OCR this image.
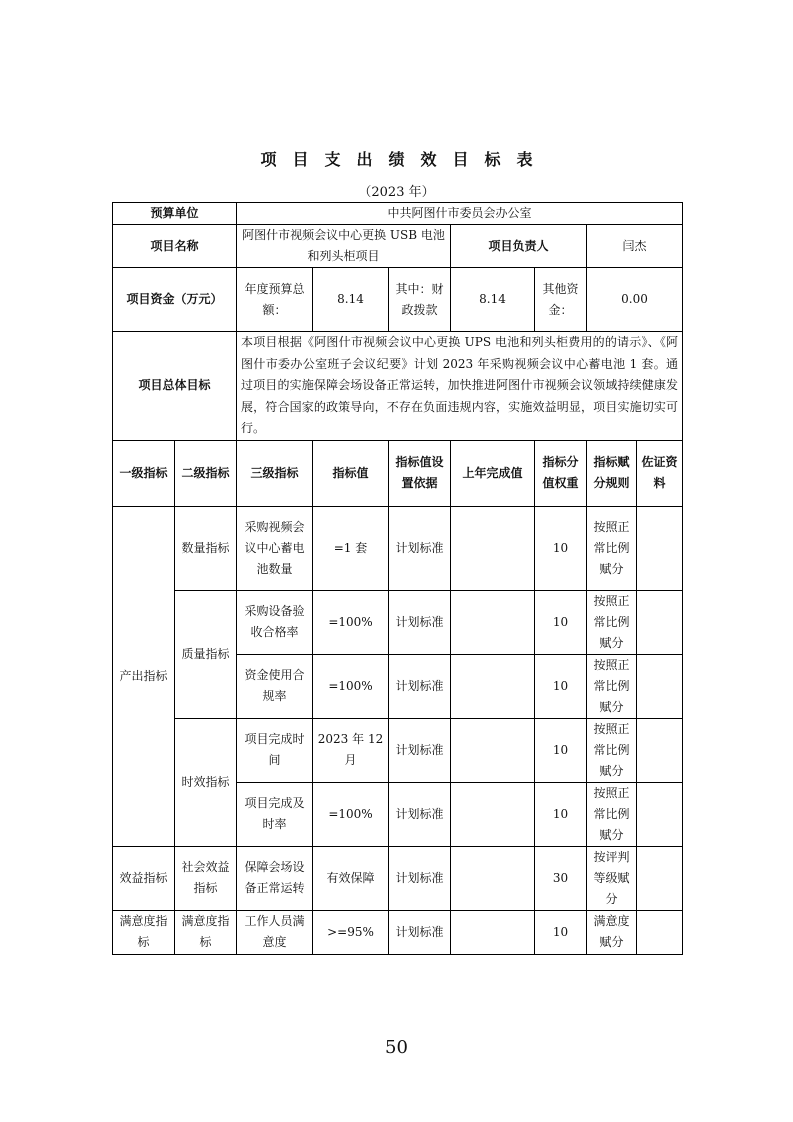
项目支出绩效目标表
（2023 年）
预算单位		中共阿图什市委员会办公室						
项目名称		阿图什市视频会议中心更换 USB 电池和列头柜项目			项目负责人		闫杰	
项目资金（万元）		年度预算总额：	8.14	其中：财政拨款	8.14	其他资金：	0.00	
项目总体目标		本项目根据《阿图什市视频会议中心更换 UPS 电池和列头柜费用的的请示》、《阿图什市委办公室班子会议纪要》计划 2023 年采购视频会议中心蓄电池 1 套。通过项目的实施保障会场设备正常运转，加快推进阿图什市视频会议领域持续健康发展，符合国家的政策导向，不存在负面违规内容，实施效益明显，项目实施切实可行。						
一级指标	二级指标	三级指标	指标值	指标值设置依据	上年完成值	指标分值权重	指标赋分规则	佐证资料
产出指标	数量指标	采购视频会议中心蓄电池数量	=1 套	计划标准		10	按照正常比例赋分	
	质量指标	采购设备验收合格率	=100%	计划标准		10	按照正常比例赋分	
		资金使用合规率	=100%	计划标准		10	按照正常比例赋分	
	时效指标	项目完成时间	2023 年 12 月	计划标准		10	按照正常比例赋分	
		项目完成及时率	=100%	计划标准		10	按照正常比例赋分	
效益指标	社会效益指标	保障会场设备正常运转	有效保障	计划标准		30	按评判等级赋分	
满意度指标	满意度指标	工作人员满意度	>=95%	计划标准		10	满意度赋分	
50
